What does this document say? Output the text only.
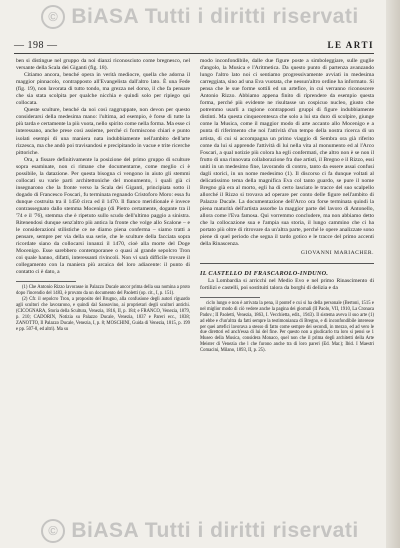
© BiASA Tutti i diritti riservati
— 198 —	LE ARTI

ben si distingue nel gruppo da noi dianzi riconosciuto come bregnesco, nel versante della Scala dei Giganti (fig. 18).

Citiamo ancora, benché opera in verità mediocre, quella che adorna il maggior pinnacolo, contrapposto all'Evangelista dall'altro lato. È una Fede (fig. 19), non lavorata di tutto tondo, ma grezza nel dorso, il che fa pensare che sia stata scolpita per qualche nicchia e quindi solo per ripiego qui collocata.

Queste sculture, benché da noi così raggruppate, non devon per questo considerarsi della medesima mano: l'ultima, ad esempio, è forse di tutte la più tarda e certamente la più vuota, nello spirito come nella forma. Ma esse ci interessano, anche prese così assieme, perché ci formiscono chiari e punto isolati esempi di una maniera nata indubbiamente nell'ambito dell'arte rizzesca, ma che andò poi travisandosi e precipitando in vacue e trite ricerche pittoriche.

Ora, a fissare definitivamente la posizione del primo gruppo di sculture sopra esaminate, non ci rimane che documentarne, come meglio ci è possibile, la datazione. Per questa bisogna ci vengono in aiuto gli stemmi collocati su varie parti architettoniche del monumento, i quali già ci insegnarono che la fronte verso la Scala dei Giganti, principiata sotto il dogado di Francesco Foscari, fu terminata regnando Cristoforo Moro: essa fu dunque costruita tra il 1450 circa ed il 1470. Il fianco meridionale è invece contrassegnato dallo stemma Mocenigo (di Pietro certamente, dogante tra il '74 e il '76), stemma che è ripetuto sullo scudo dell'ultimo paggio a sinistra. Ritenendosi dunque senz'altro più antica la fronte che volge allo Scalone – e le considerazioni stilistiche ce ne diamo piena conferma – siamo tratti a pensare, sempre per via della sua serie, che le sculture della facciata sopra ricordate siano da collocarsi innanzi il 1470, cioè alla morte del Doge Mocenigo. Esse sarebbero contemporanee o quasi al grande sepolcro Tron coi quale hanno, difatti, interessanti rivincoli. Non vi sarà difficile trovare il collegamento con la maniera più arcaica del loro adiacente: il punto di contatto ci è dato, a

(1) Che Antonio Rizzo lavorasse in Palazzo Ducale ancor prima della sua nomina a proto dopo l'incendio del 1483, è provato da un documento del Paoletti (op. cit., I, p. 151).

(2) Cfr. il sepolcro Tron, a proposito del Brugno, alla confusione degli autori riguardo agli scultori che lavorarono, e quindi dal Sansovino, ai proprietari degli scultori antichi. (CICOGNARA, Storia della Scultura, Venezia, 1816, II, p. 184; e FRANCO, Venezia, 1879, p. 210; CADORIN, Notizia su Palazzo Ducale, Venezia, 1837 e Pareri ecc., 1838; ZANOTTO, Il Palazzo Ducale, Venezia, I, p. 8; MOSCHINI, Guida di Venezia, 1815, p. 199 e pp. 507-8, ed altri). Ma su

modo inconfondibile, dalle due figure poste a simboleggiare, sulle guglie d'angolo, la Musica e l'Aritmetica. Da questo punto di partenza avanzando lungo l'altro lato noi ci sentiamo progressivamente avviati in medesima carreggiata, sino ad una Eva vuotata, che nessun'altro ordine ha informato. Si pensa che le sue forme sottili ed un artefice, in cui verranno riconoscere Antonio Rizzo. Abbiamo appena finito di riprendere da esempio questa forma, perché più evidente ne risultasse un cospicuo nucleo, giusto che potremmo usarli a ragione contrapposti gruppi di figure indubbiamente distinti. Ma questa cinquecentesca che solo a lui sta duro di scolpire, giunge come la Musica, come il maggior modo di arte accanto allo Mocenigo e a punta di riferimento che noi l'attività d'un tempo della nostra ricerca di un artista, di cui si accompagna un primo viaggio di Sembra ora già riferito come da lui si apprende l'attività di lui nella vita al monumento ed al l'Arco Foscari, a qual notizie più colora ha egli confermati, che altro non è se non il frutto di una rinnovata collaborazione fra due artisti, il Bregno e il Rizzo, essi uniti in un medesimo fine, lavorando di contro, tanto da essere assai confusi dagli storici, in un nome medesimo (1). Il discorso ci fa dunque voltati al delicatissimo tema della magnifica Eva col tanto guardo, se pure il nome Bregno già era al morto, egli ha di certo lasciato le tracce del suo scalpello allorché il Rizzo si trovava ad operare per conto delle figure nell'ambito di Palazzo Ducale. La documentazione dell'Arco ora forse terminata quindi la piena maturità dell'artista assorbe la maggior parte del lavoro di Antonello, allora come l'Eva famosa. Qui vorremmo concludere, ma non abbiamo detto che la collocazione sua e l'ampia sua storia, il lungo cammino che ci ha portato più oltre di ritrovare da un'altra parte, perché le opere analizzate sono piene di quel periodo che segna il tardo gotico e le tracce del primo accenti della Rinascenza.

GIOVANNI MARIACHER.

IL CASTELLO DI FRASCAROLO-INDUNO.

La Lombardia si arricchì nel Medio Evo e nel primo Rinascimento di fortilizi e castelli, poi sostituiti talora da borghi di delizia e da

ciclo lungo e non è arrivata la pena, il pontef e cui si ha della personale (Bertoni, 1515 e nel miglior modo di ciò vedere anche la pagina dei giornali (II Paolo, VII, 1910, La Cronaca Padov.; II Paoletti, Venezia, 1863, I. Vecchietta, edit., 1943). Il sistema aveva il suo arte (1) ad ebbe e d'un'altra da fatti sempre la testimonianza di Bregno, e di inconfondibile interesse per quei artefici lavorava a stesso di fatto come sempre dei secondi, in mezzo, ed ad vero le due direttori ed anch'essa di lui del fine. Per questo non a giudicarlo tra loro si pensi se 1 Museo della Musica, considera Monaco, quel non che il prima degli architetti della Arte Meister di Venezia che l che furono anche tra di loro pareri (Ed. Mar.); Ibid. I Maestri Comacini, Milano, 1893, II, p. 25).

© BiASA Tutti i diritti riservati
